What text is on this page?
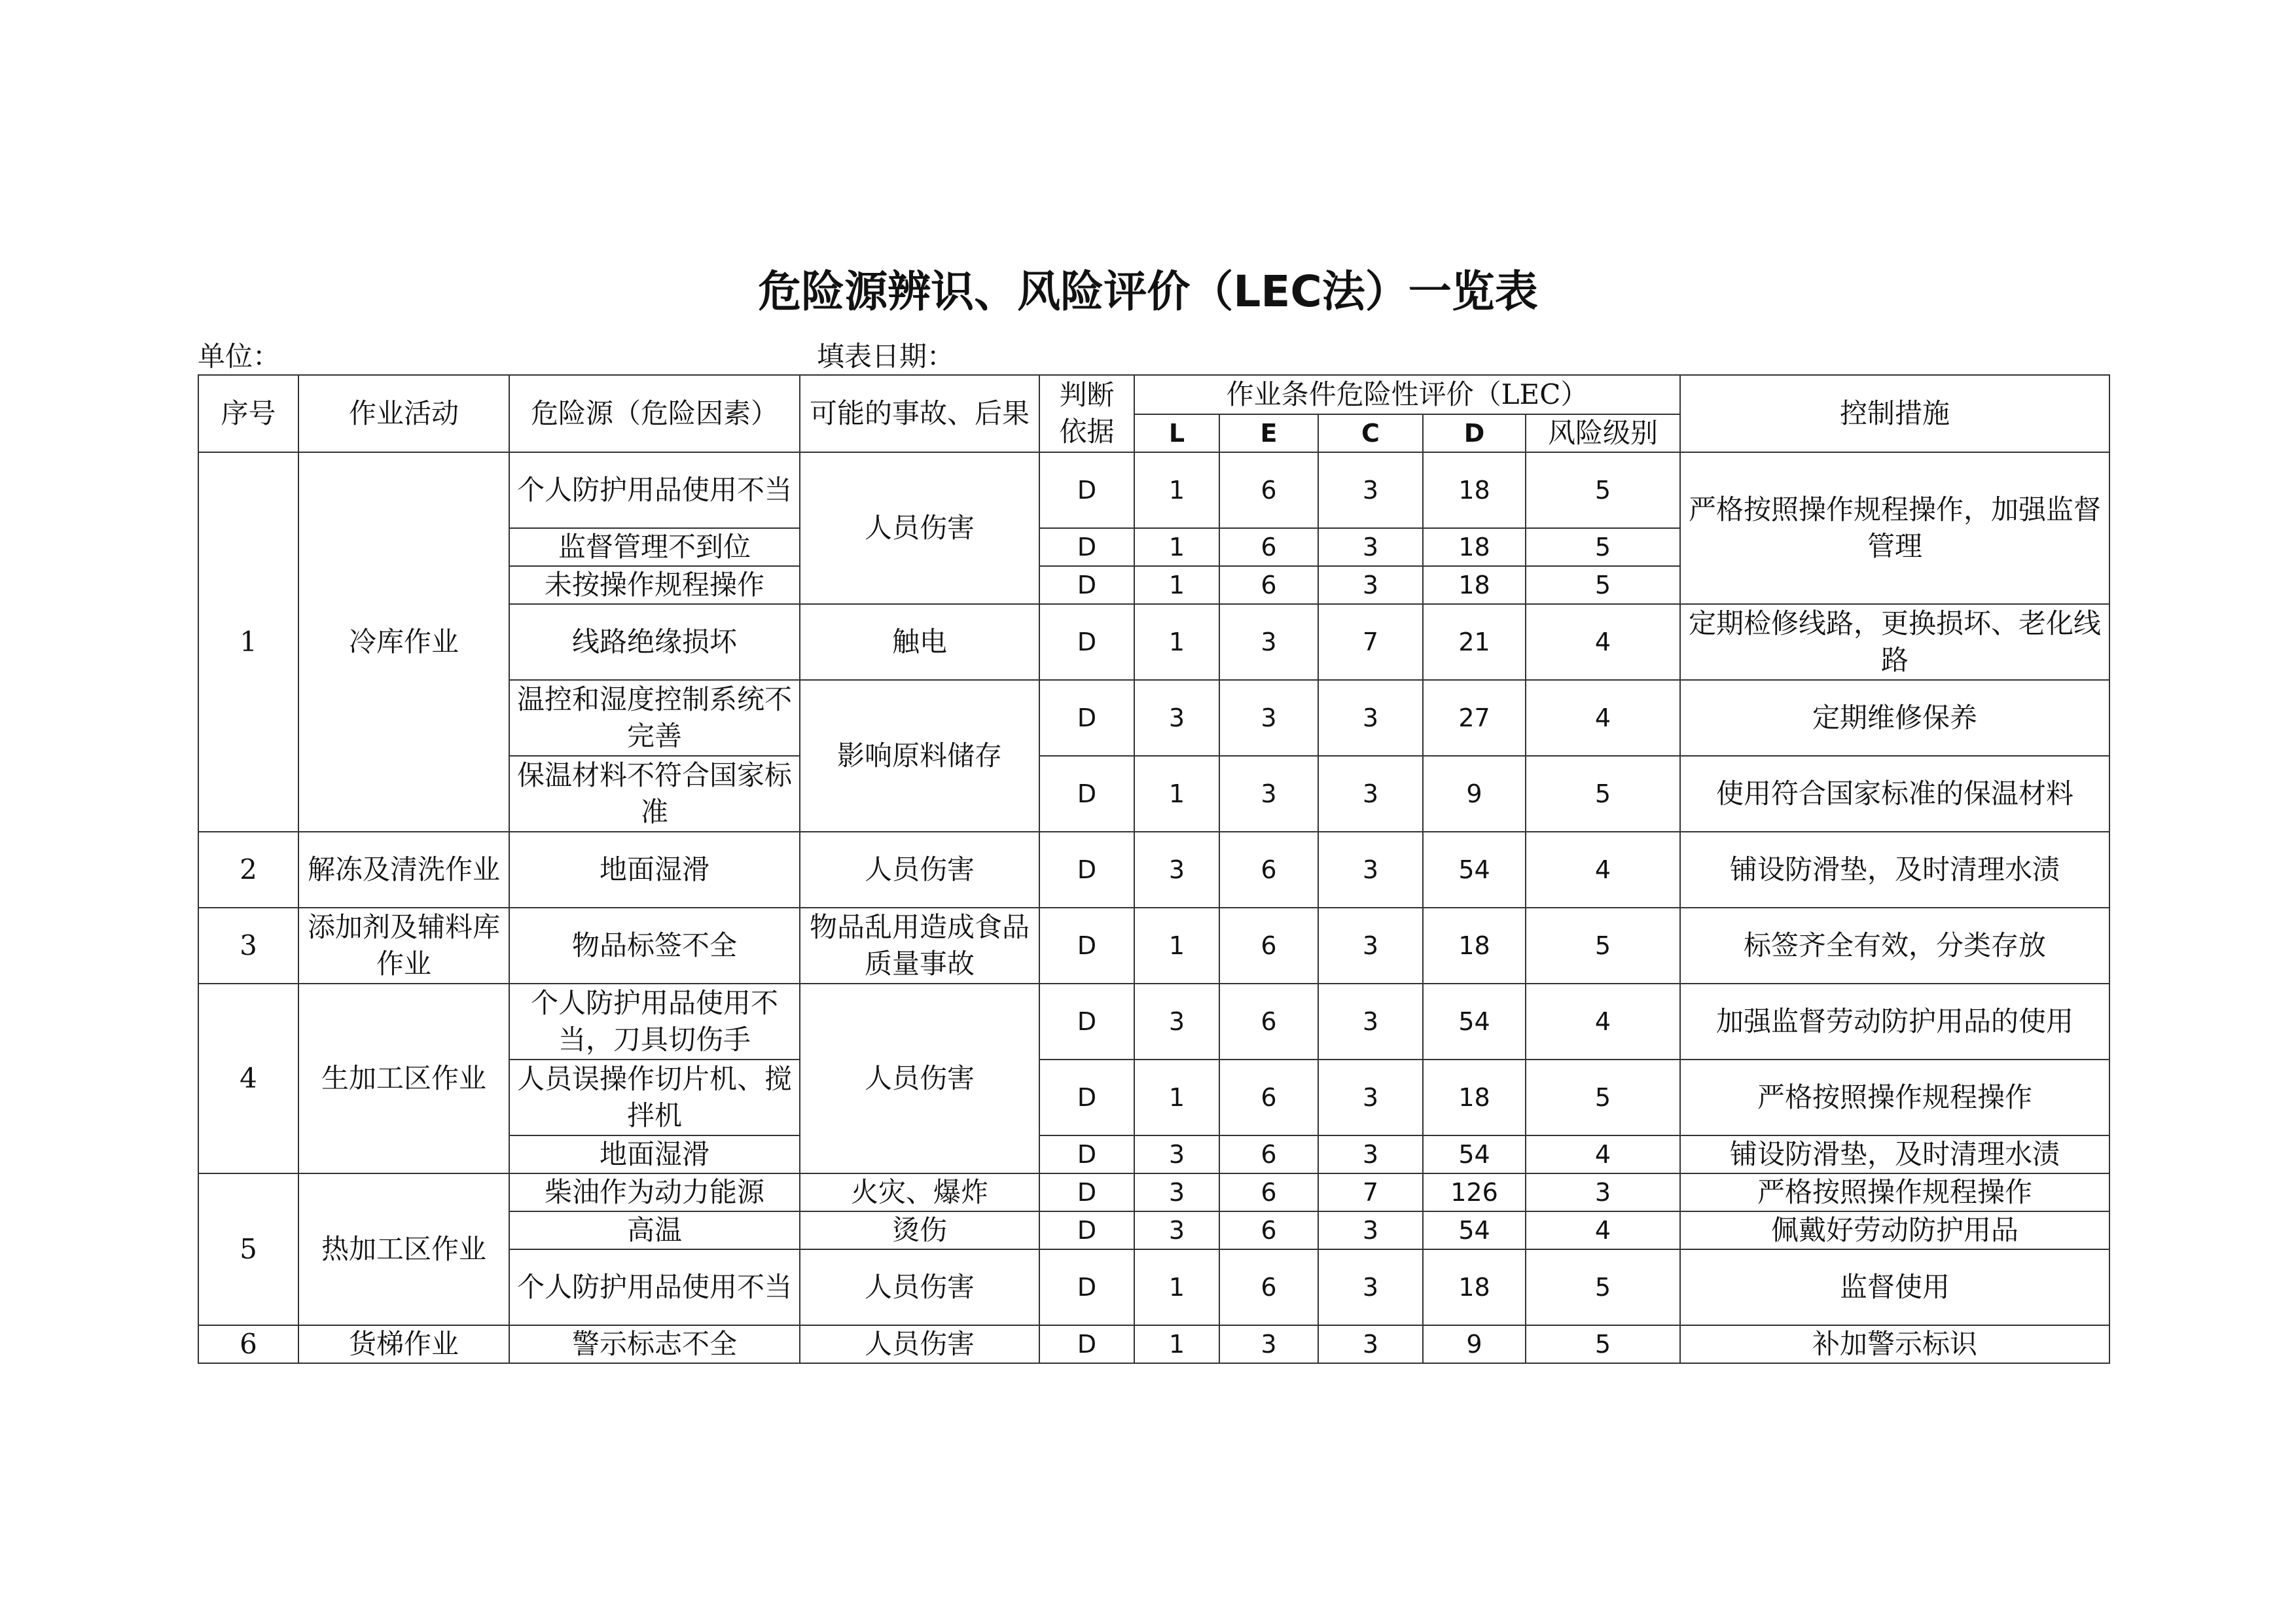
危险源辨识、风险评价（LEC法）一览表
单位：	填表日期：
序号	作业活动	危险源（危险因素）	可能的事故、后果	判断依据	作业条件危险性评价（LEC）					控制措施
					L	E	C	D	风险级别	
1	冷库作业	个人防护用品使用不当	人员伤害	D	1	6	3	18	5	严格按照操作规程操作，加强监督管理
		监督管理不到位		D	1	6	3	18	5	
		未按操作规程操作		D	1	6	3	18	5	
		线路绝缘损坏	触电	D	1	3	7	21	4	定期检修线路，更换损坏、老化线路
		温控和湿度控制系统不完善	影响原料储存	D	3	3	3	27	4	定期维修保养
		保温材料不符合国家标准		D	1	3	3	9	5	使用符合国家标准的保温材料
2	解冻及清洗作业	地面湿滑	人员伤害	D	3	6	3	54	4	铺设防滑垫，及时清理水渍
3	添加剂及辅料库作业	物品标签不全	物品乱用造成食品质量事故	D	1	6	3	18	5	标签齐全有效，分类存放
4	生加工区作业	个人防护用品使用不当，刀具切伤手	人员伤害	D	3	6	3	54	4	加强监督劳动防护用品的使用
		人员误操作切片机、搅拌机		D	1	6	3	18	5	严格按照操作规程操作
		地面湿滑		D	3	6	3	54	4	铺设防滑垫，及时清理水渍
5	热加工区作业	柴油作为动力能源	火灾、爆炸	D	3	6	7	126	3	严格按照操作规程操作
		高温	烫伤	D	3	6	3	54	4	佩戴好劳动防护用品
		个人防护用品使用不当	人员伤害	D	1	6	3	18	5	监督使用
6	货梯作业	警示标志不全	人员伤害	D	1	3	3	9	5	补加警示标识
